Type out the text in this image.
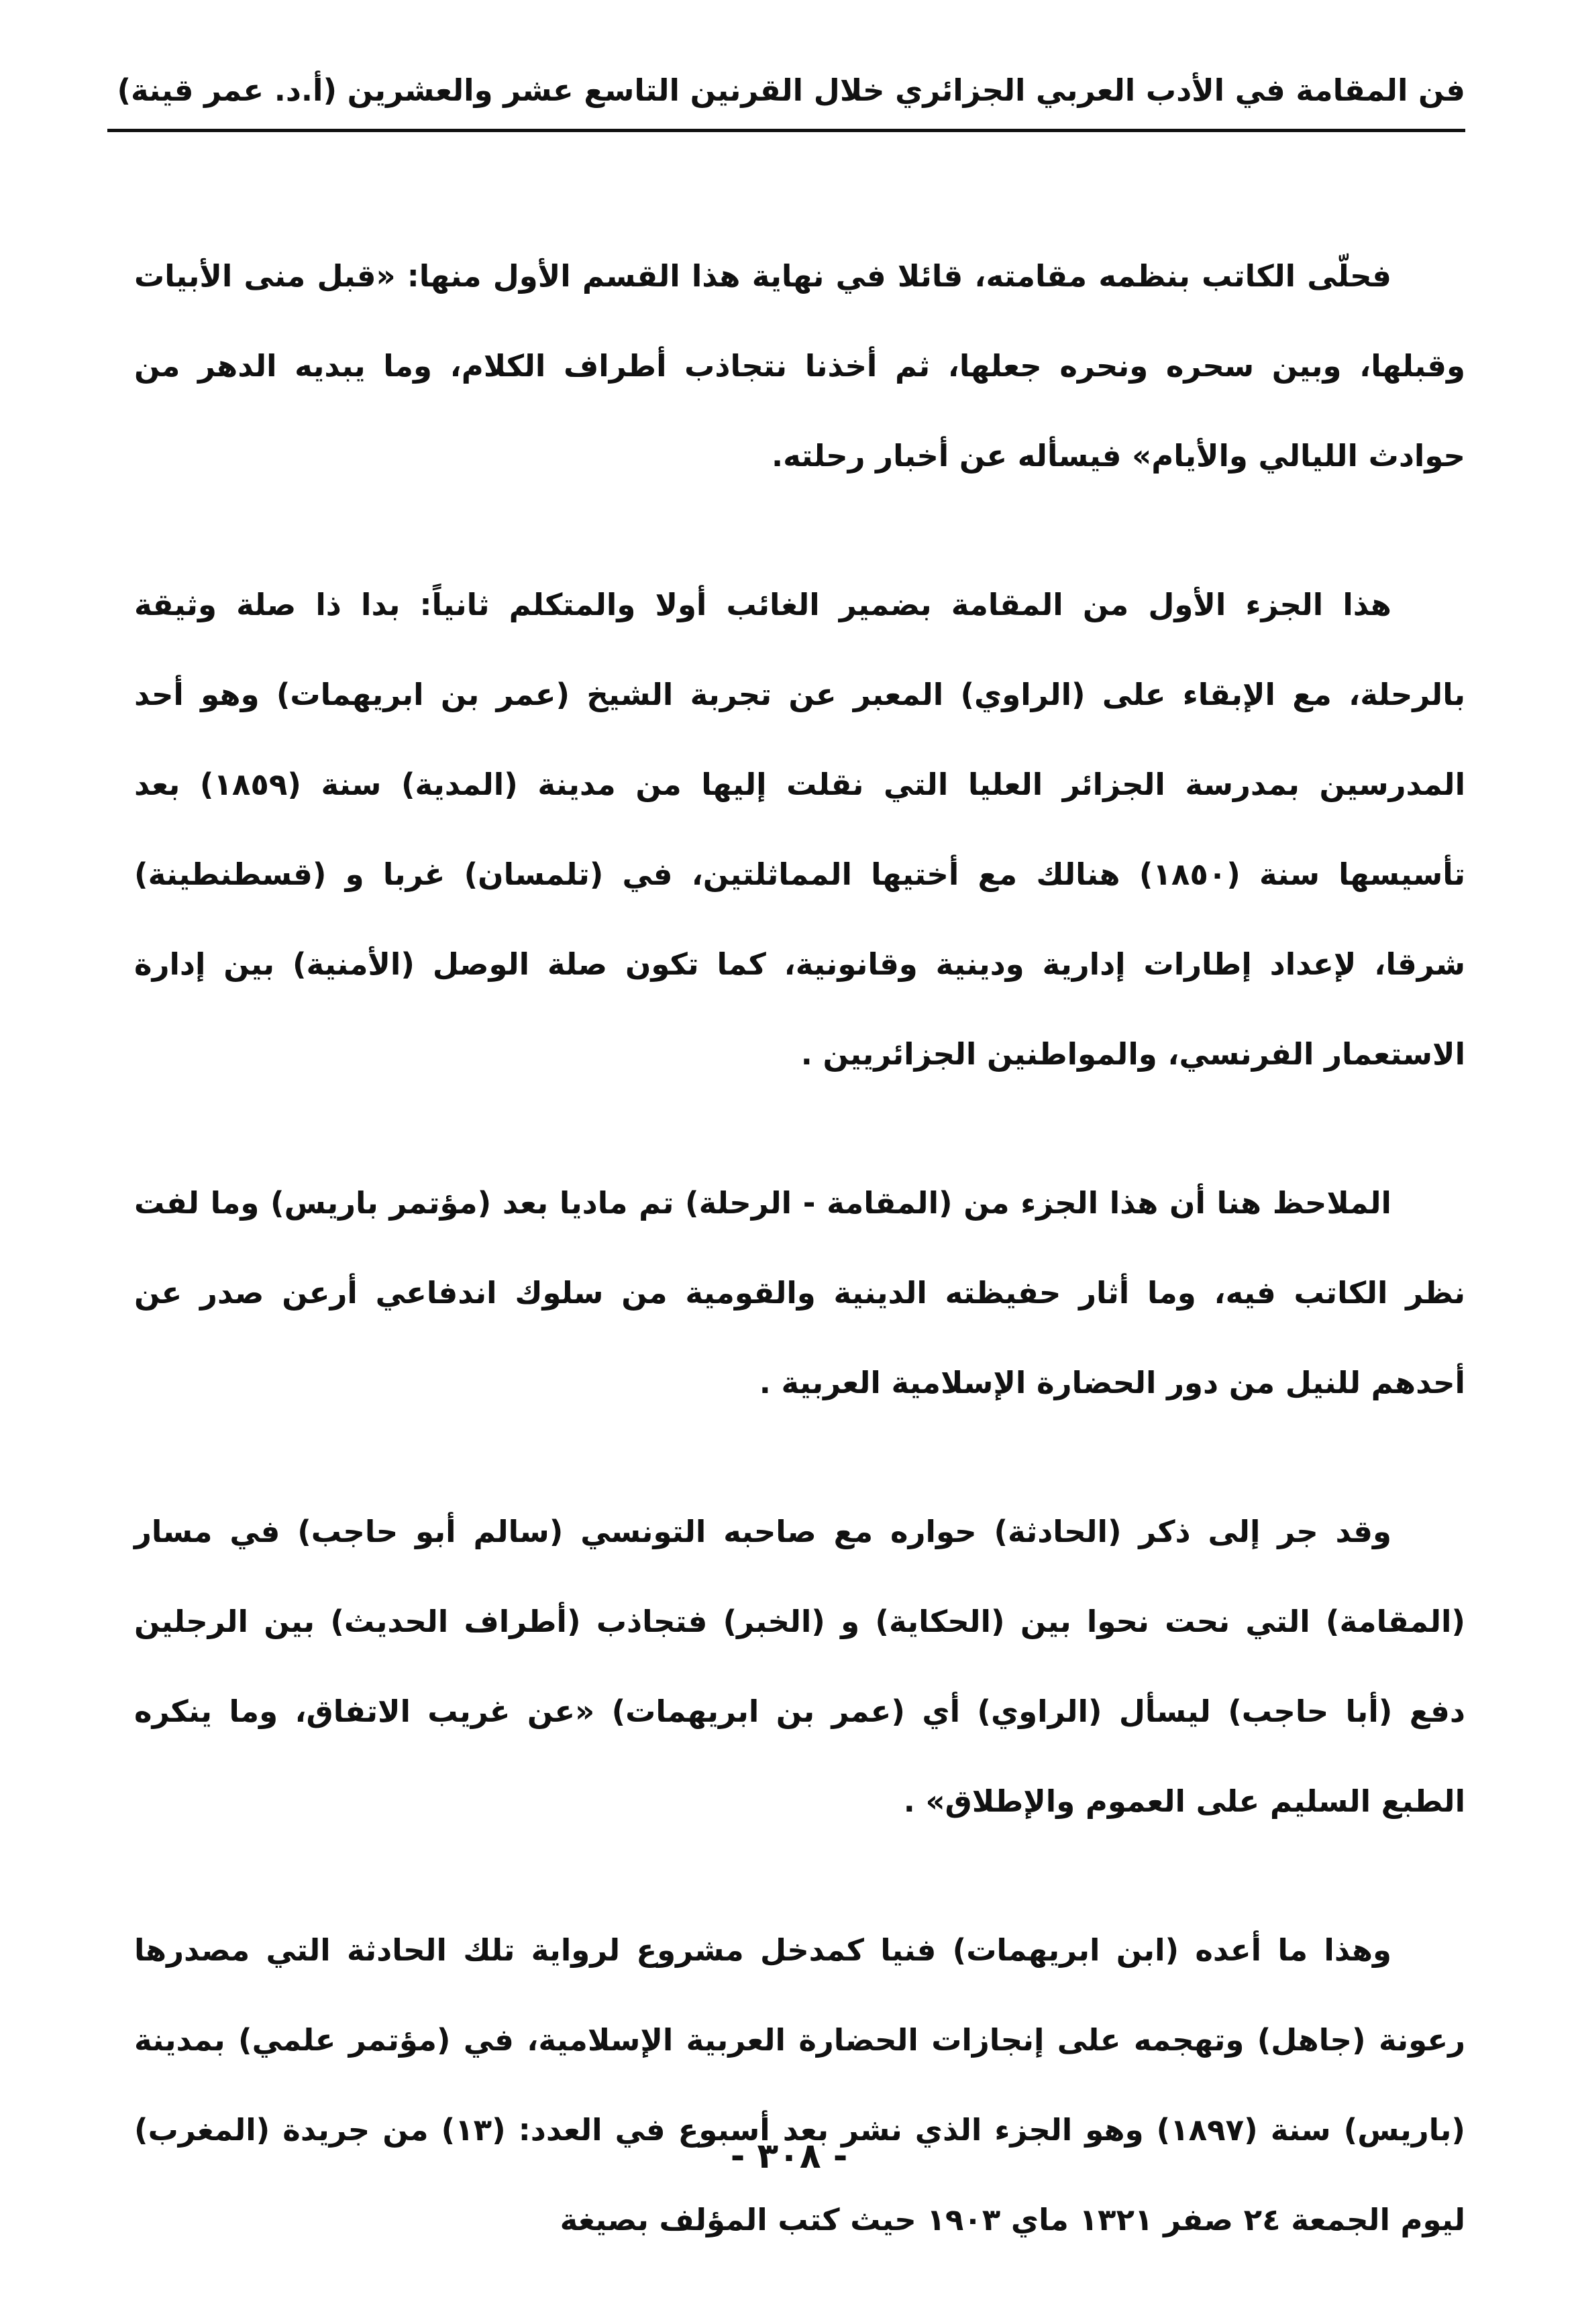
فن المقامة في الأدب العربي الجزائري خلال القرنين التاسع عشر والعشرين (أ.د. عمر قينة)

فحلّى الكاتب بنظمه مقامته، قائلا في نهاية هذا القسم الأول منها: «قبل منى الأبيات وقبلها، وبين سحره ونحره جعلها، ثم أخذنا نتجاذب أطراف الكلام، وما يبديه الدهر من حوادث الليالي والأيام» فيسأله عن أخبار رحلته.

هذا الجزء الأول من المقامة بضمير الغائب أولا والمتكلم ثانياً: بدا ذا صلة وثيقة بالرحلة، مع الإبقاء على (الراوي) المعبر عن تجربة الشيخ (عمر بن ابريهمات) وهو أحد المدرسين بمدرسة الجزائر العليا التي نقلت إليها من مدينة (المدية) سنة (١٨٥٩) بعد تأسيسها سنة (١٨٥٠) هنالك مع أختيها المماثلتين، في (تلمسان) غربا و (قسطنطينة) شرقا، لإعداد إطارات إدارية ودينية وقانونية، كما تكون صلة الوصل (الأمنية) بين إدارة الاستعمار الفرنسي، والمواطنين الجزائريين .

الملاحظ هنا أن هذا الجزء من (المقامة - الرحلة) تم ماديا بعد (مؤتمر باريس) وما لفت نظر الكاتب فيه، وما أثار حفيظته الدينية والقومية من سلوك اندفاعي أرعن صدر عن أحدهم للنيل من دور الحضارة الإسلامية العربية .

وقد جر إلى ذكر (الحادثة) حواره مع صاحبه التونسي (سالم أبو حاجب) في مسار (المقامة) التي نحت نحوا بين (الحكاية) و (الخبر) فتجاذب (أطراف الحديث) بين الرجلين دفع (أبا حاجب) ليسأل (الراوي) أي (عمر بن ابريهمات) «عن غريب الاتفاق، وما ينكره الطبع السليم على العموم والإطلاق» .

وهذا ما أعده (ابن ابريهمات) فنيا كمدخل مشروع لرواية تلك الحادثة التي مصدرها رعونة (جاهل) وتهجمه على إنجازات الحضارة العربية الإسلامية، في (مؤتمر علمي) بمدينة (باريس) سنة (١٨٩٧) وهو الجزء الذي نشر بعد أسبوع في العدد: (١٣) من جريدة (المغرب) ليوم الجمعة ٢٤ صفر ١٣٢١ ماي ١٩٠٣ حيث كتب المؤلف بصيغة

- ٣٠٨ -
